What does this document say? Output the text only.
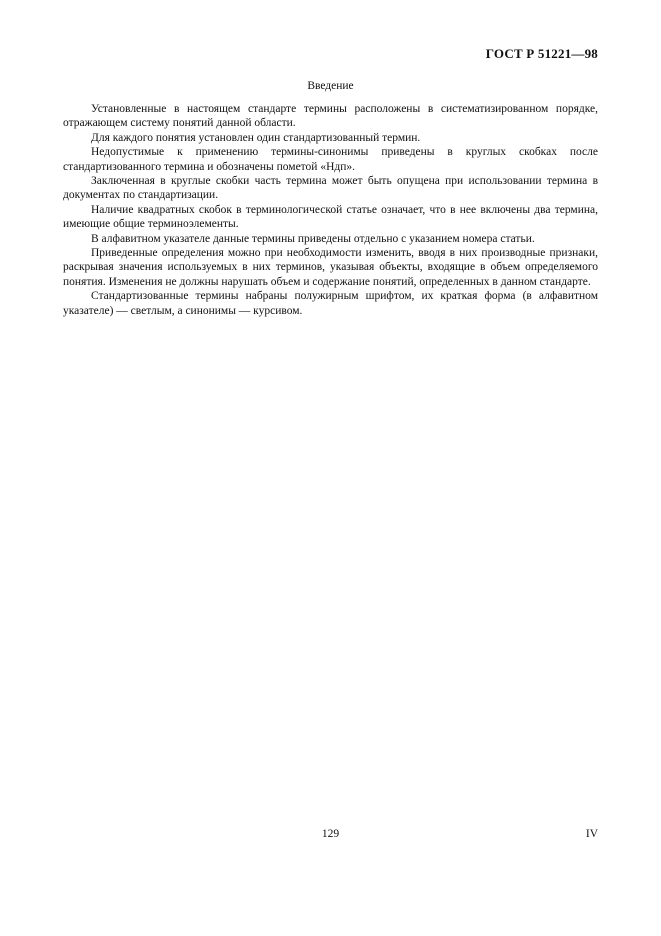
ГОСТ Р 51221—98
Введение

Установленные в настоящем стандарте термины расположены в систематизированном порядке, отражающем систему понятий данной области.

Для каждого понятия установлен один стандартизованный термин.

Недопустимые к применению термины-синонимы приведены в круглых скобках после стандартизованного термина и обозначены пометой «Ндп».

Заключенная в круглые скобки часть термина может быть опущена при использовании термина в документах по стандартизации.

Наличие квадратных скобок в терминологической статье означает, что в нее включены два термина, имеющие общие терминоэлементы.

В алфавитном указателе данные термины приведены отдельно с указанием номера статьи.

Приведенные определения можно при необходимости изменить, вводя в них производные признаки, раскрывая значения используемых в них терминов, указывая объекты, входящие в объем определяемого понятия. Изменения не должны нарушать объем и содержание понятий, определенных в данном стандарте.

Стандартизованные термины набраны полужирным шрифтом, их краткая форма (в алфавитном указателе) — светлым, а синонимы — курсивом.

129	IV
